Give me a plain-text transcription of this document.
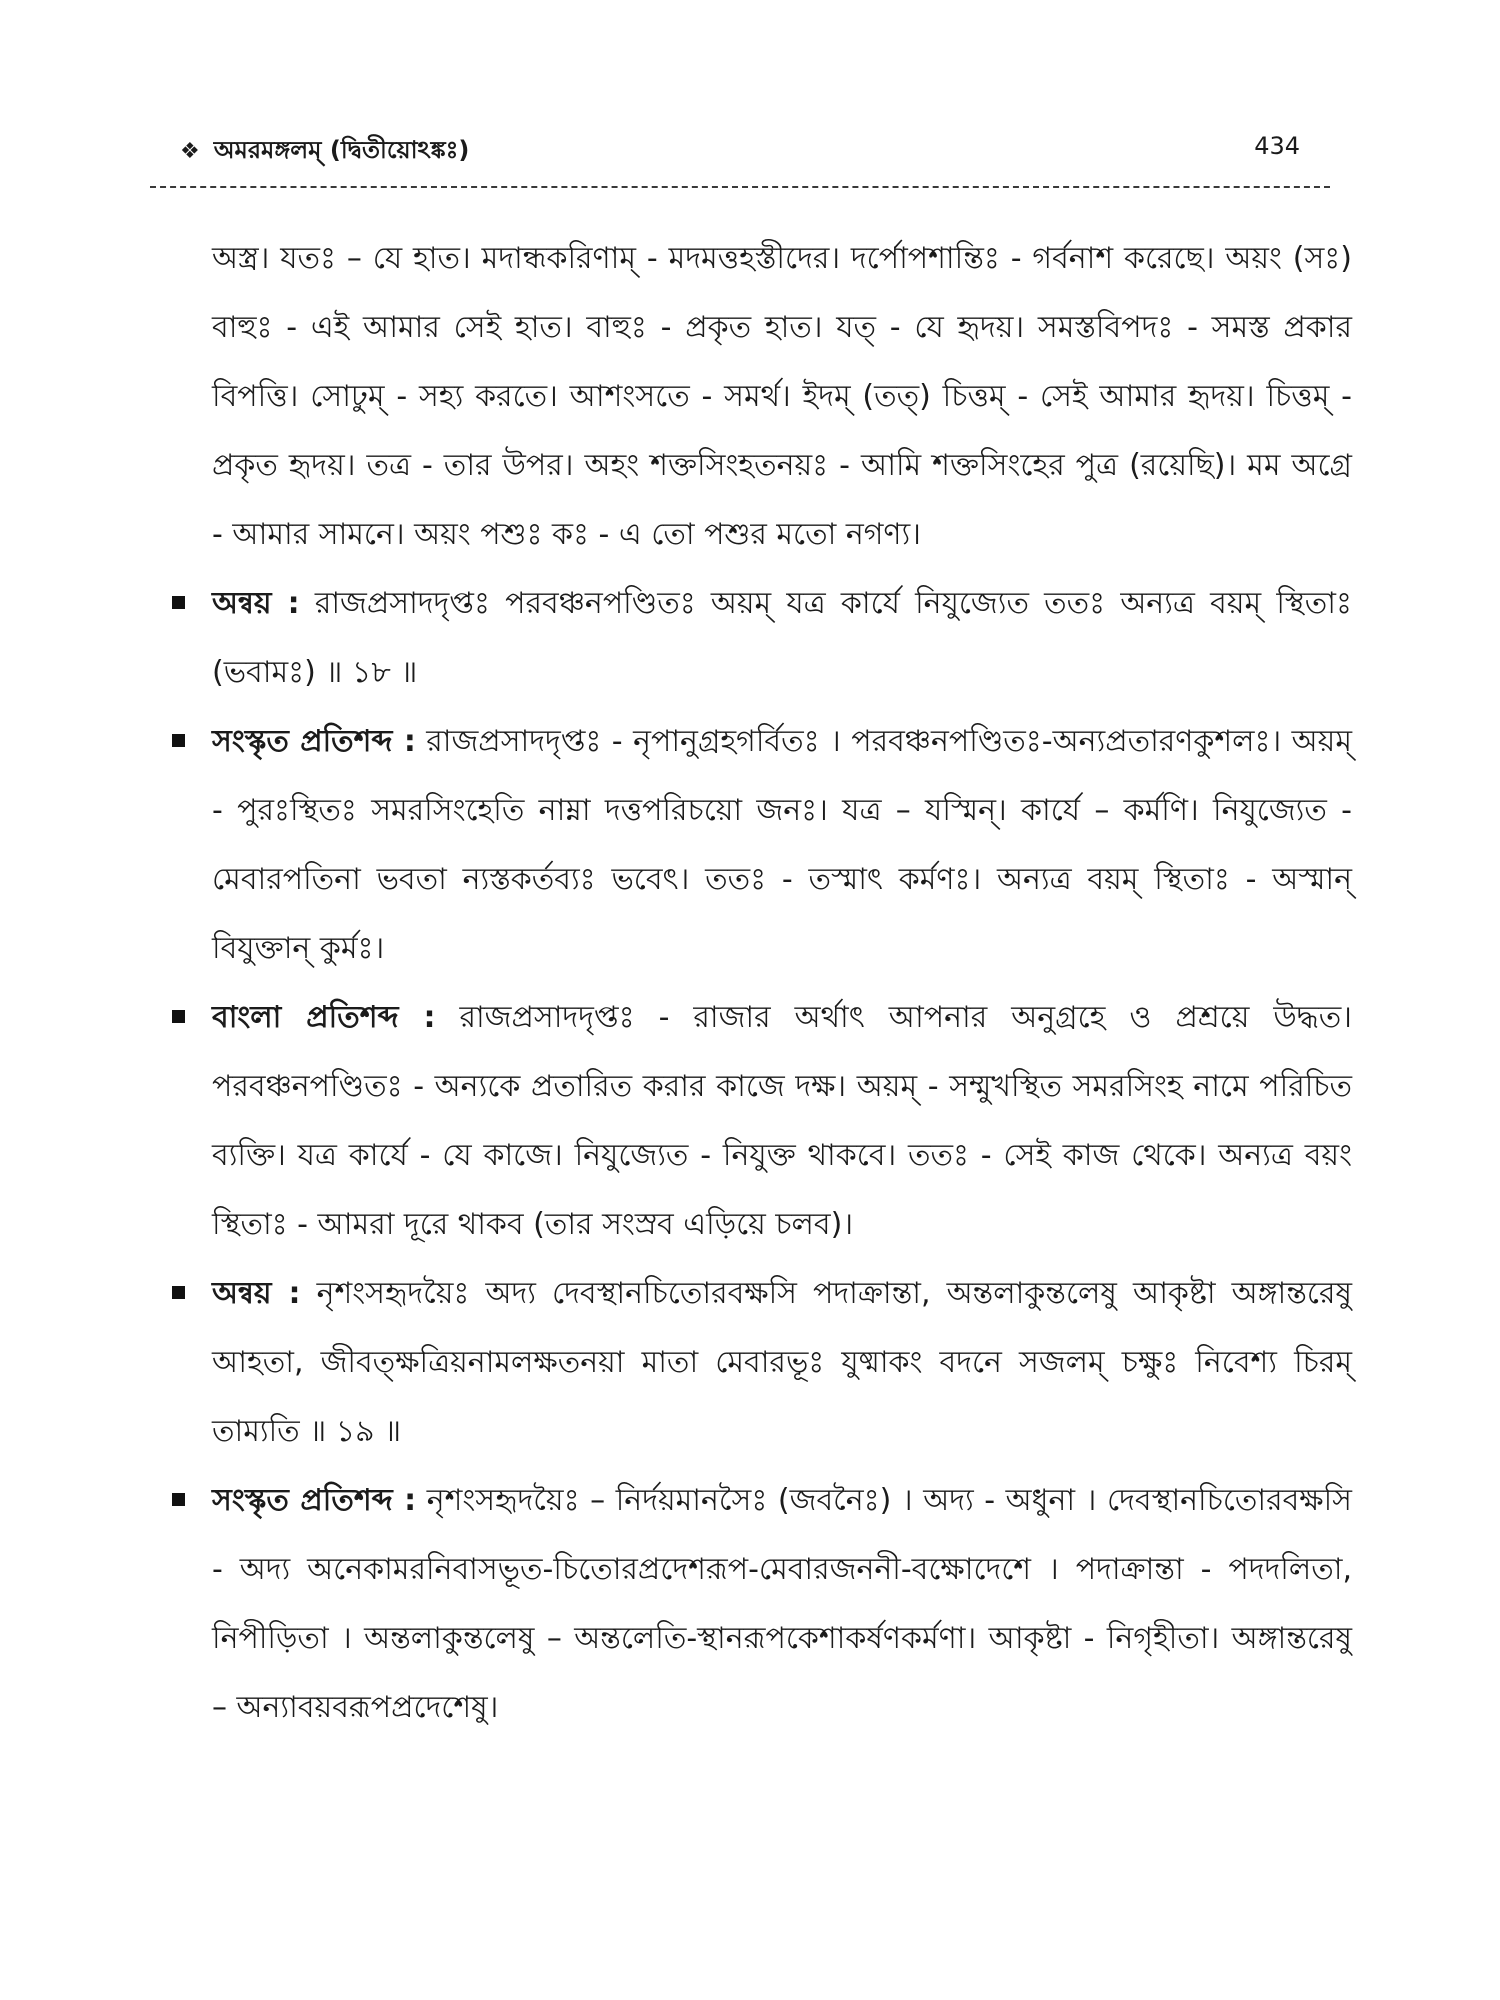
❖ অমরমঙ্গলম্ (দ্বিতীয়োঽঙ্কঃ)	434

অস্ত্র। যতঃ – যে হাত। মদান্ধকরিণাম্ - মদমত্তহস্তীদের। দর্পোপশান্তিঃ - গর্বনাশ করেছে। অয়ং (সঃ) বাহুঃ - এই আমার সেই হাত। বাহুঃ - প্রকৃত হাত। যত্ - যে হৃদয়। সমস্তবিপদঃ - সমস্ত প্রকার বিপত্তি। সোঢুম্ - সহ্য করতে। আশংসতে - সমর্থ। ইদম্ (তত্) চিত্তম্ - সেই আমার হৃদয়। চিত্তম্ - প্রকৃত হৃদয়। তত্র - তার উপর। অহং শক্তসিংহতনয়ঃ - আমি শক্তসিংহের পুত্র (রয়েছি)। মম অগ্রে - আমার সামনে। অয়ং পশুঃ কঃ - এ তো পশুর মতো নগণ্য।

অন্বয় : রাজপ্রসাদদৃপ্তঃ পরবঞ্চনপণ্ডিতঃ অয়ম্ যত্র কার্যে নিযুজ্যেত ততঃ অন্যত্র বয়ম্ স্থিতাঃ (ভবামঃ) ॥ ১৮ ॥

সংস্কৃত প্রতিশব্দ : রাজপ্রসাদদৃপ্তঃ - নৃপানুগ্রহগর্বিতঃ । পরবঞ্চনপণ্ডিতঃ-অন্যপ্রতারণকুশলঃ। অয়ম্ - পুরঃস্থিতঃ সমরসিংহেতি নাম্না দত্তপরিচয়ো জনঃ। যত্র – যস্মিন্। কার্যে – কর্মণি। নিযুজ্যেত - মেবারপতিনা ভবতা ন্যস্তকর্তব্যঃ ভবেৎ। ততঃ - তস্মাৎ কর্মণঃ। অন্যত্র বয়ম্ স্থিতাঃ - অস্মান্ বিযুক্তান্ কুর্মঃ।

বাংলা প্রতিশব্দ : রাজপ্রসাদদৃপ্তঃ - রাজার অর্থাৎ আপনার অনুগ্রহে ও প্রশ্রয়ে উদ্ধত। পরবঞ্চনপণ্ডিতঃ - অন্যকে প্রতারিত করার কাজে দক্ষ। অয়ম্ - সম্মুখস্থিত সমরসিংহ নামে পরিচিত ব্যক্তি। যত্র কার্যে - যে কাজে। নিযুজ্যেত - নিযুক্ত থাকবে। ততঃ - সেই কাজ থেকে। অন্যত্র বয়ং স্থিতাঃ - আমরা দূরে থাকব (তার সংস্রব এড়িয়ে চলব)।

অন্বয় : নৃশংসহৃদয়ৈঃ অদ্য দেবস্থানচিতোরবক্ষসি পদাক্রান্তা, অন্তলাকুন্তলেষু আকৃষ্টা অঙ্গান্তরেষু আহতা, জীবত্ক্ষত্রিয়নামলক্ষতনয়া মাতা মেবারভূঃ যুষ্মাকং বদনে সজলম্ চক্ষুঃ নিবেশ্য চিরম্ তাম্যতি ॥ ১৯ ॥

সংস্কৃত প্রতিশব্দ : নৃশংসহৃদয়ৈঃ – নির্দয়মানসৈঃ (জবনৈঃ) । অদ্য - অধুনা । দেবস্থানচিতোরবক্ষসি - অদ্য অনেকামরনিবাসভূত-চিতোরপ্রদেশরূপ-মেবারজননী-বক্ষোদেশে । পদাক্রান্তা - পদদলিতা, নিপীড়িতা । অন্তলাকুন্তলেষু – অন্তলেতি-স্থানরূপকেশাকর্ষণকর্মণা। আকৃষ্টা - নিগৃহীতা। অঙ্গান্তরেষু – অন্যাবয়বরূপপ্রদেশেষু।
